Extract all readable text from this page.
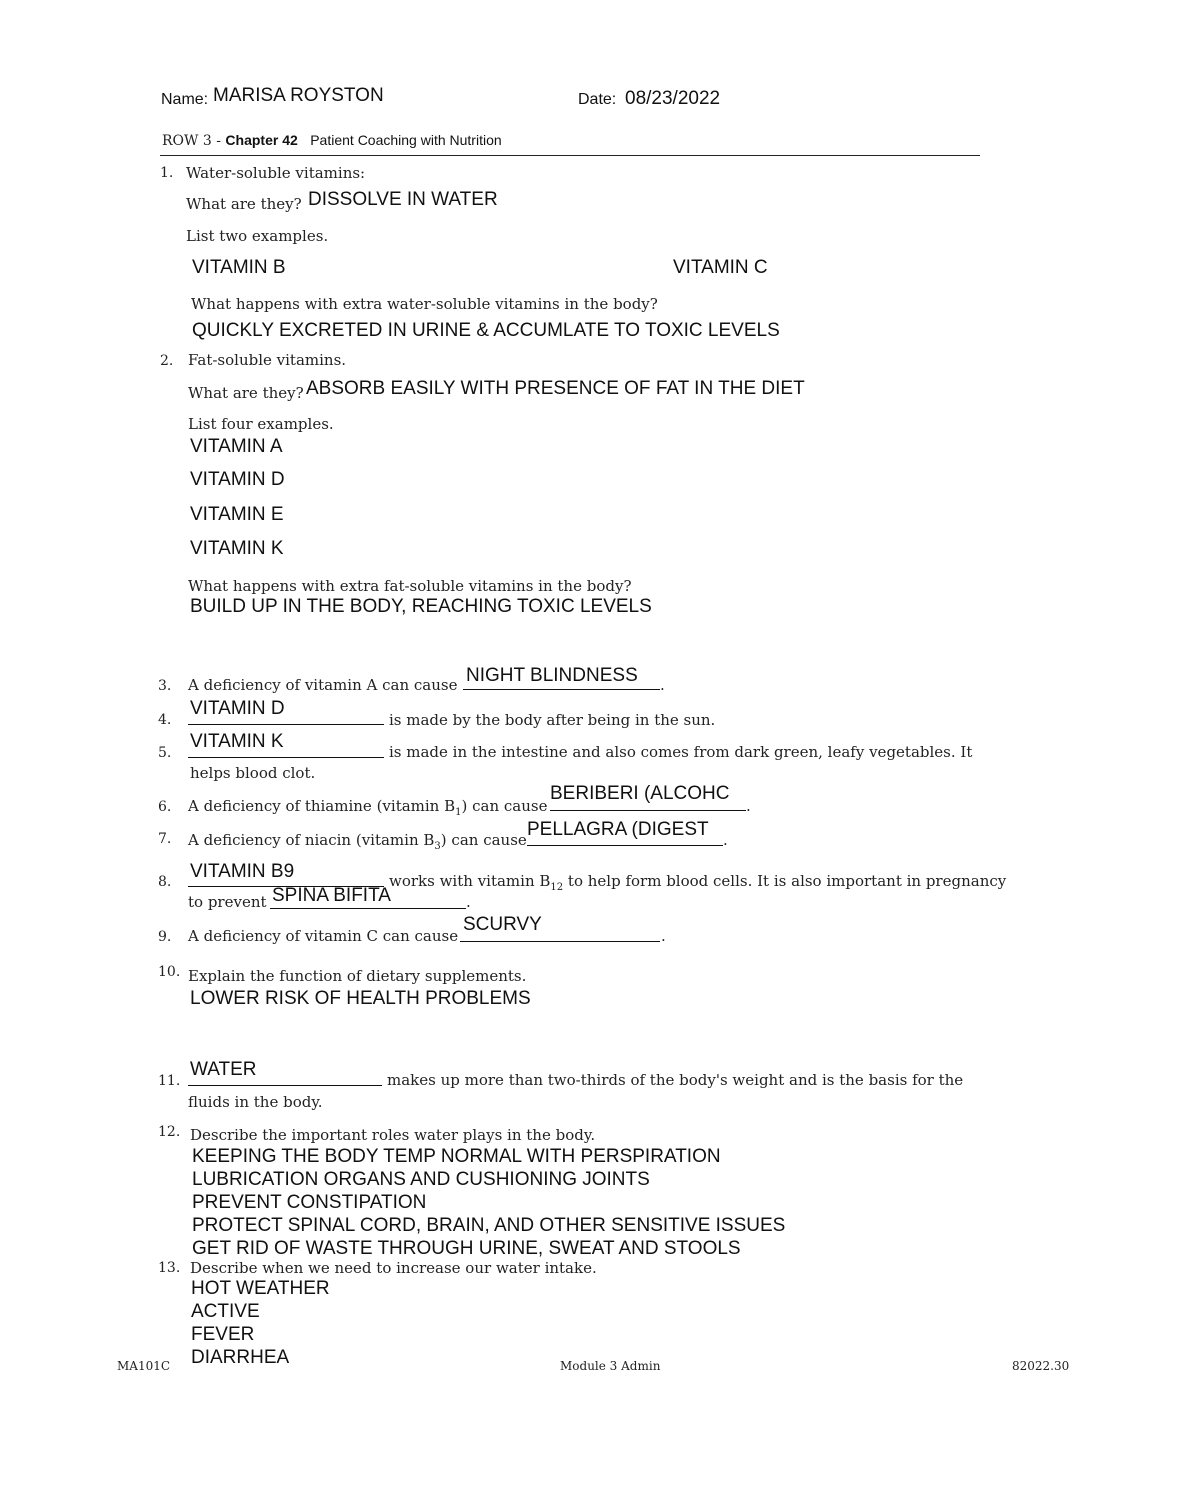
Name: MARISA ROYSTON	Date: 08/23/2022
ROW 3 - Chapter 42 Patient Coaching with Nutrition
1. Water-soluble vitamins:
What are they? DISSOLVE IN WATER
List two examples.
VITAMIN B	VITAMIN C
What happens with extra water-soluble vitamins in the body?
QUICKLY EXCRETED IN URINE & ACCUMLATE TO TOXIC LEVELS
2. Fat-soluble vitamins.
What are they? ABSORB EASILY WITH PRESENCE OF FAT IN THE DIET
List four examples.
VITAMIN A
VITAMIN D
VITAMIN E
VITAMIN K
What happens with extra fat-soluble vitamins in the body?
BUILD UP IN THE BODY, REACHING TOXIC LEVELS
3. A deficiency of vitamin A can cause NIGHT BLINDNESS .
4.
VITAMIN D
is made by the body after being in the sun.
5.
VITAMIN K	is made in the intestine and also comes from dark green, leafy vegetables. It
helps blood clot.
6. A deficiency of thiamine (vitamin $B_1$) can cause
BERIBERI (ALCOHC
.
7. A deficiency of niacin (vitamin $B_3$) can cause PELLAGRA (DIGEST .
8. VITAMIN B9	works with vitamin $B_{12}$ to help form blood cells. It is also important in pregnancy
to prevent SPINA BIFITA	.
9. A deficiency of vitamin C can cause
SCURVY
.
10. Explain the function of dietary supplements.
LOWER RISK OF HEALTH PROBLEMS
11.
WATER	makes up more than two-thirds of the body's weight and is the basis for the
fluids in the body.
12. Describe the important roles water plays in the body.
KEEPING THE BODY TEMP NORMAL WITH PERSPIRATION
LUBRICATION ORGANS AND CUSHIONING JOINTS
PREVENT CONSTIPATION
PROTECT SPINAL CORD, BRAIN, AND OTHER SENSITIVE ISSUES
GET RID OF WASTE THROUGH URINE, SWEAT AND STOOLS
13. Describe when we need to increase our water intake.
HOT WEATHER
ACTIVE
FEVER
DIARRHEA
MA101C	Module 3 Admin	82022.30
